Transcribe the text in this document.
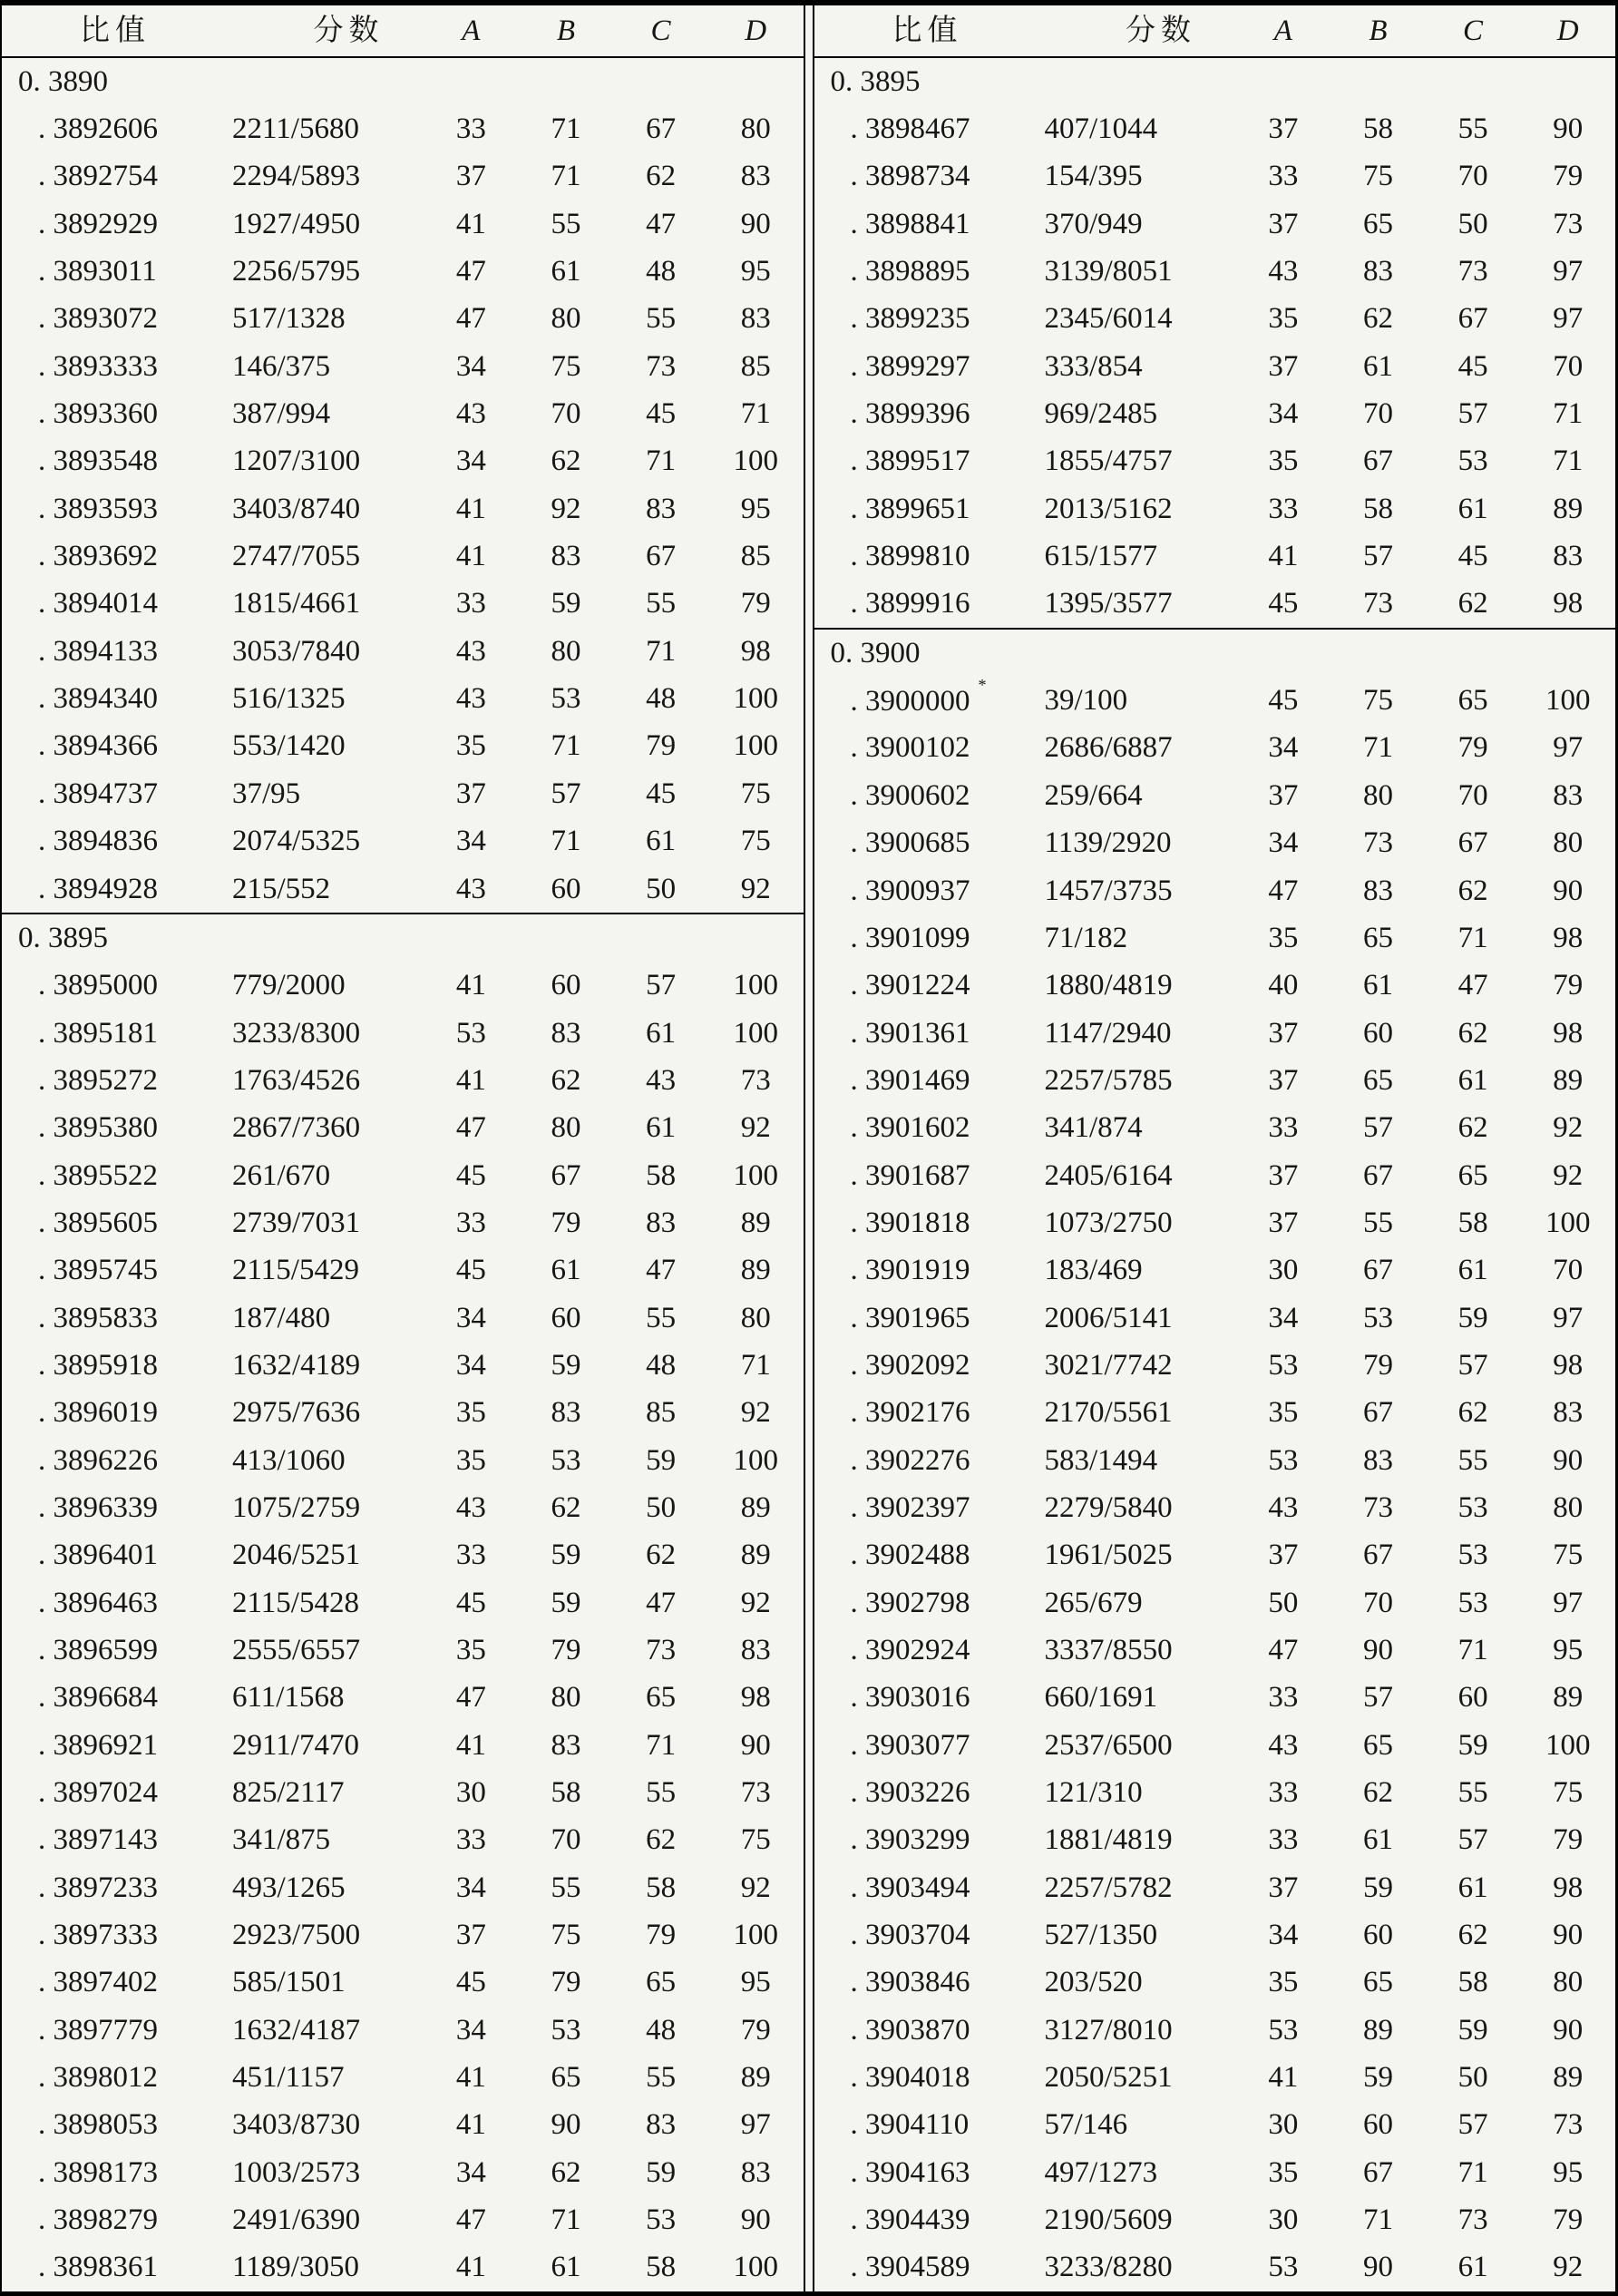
比值	分数	A	B	C	D
0. 3890
. 3892606	2211/5680	33	71	67	80
. 3892754	2294/5893	37	71	62	83
. 3892929	1927/4950	41	55	47	90
. 3893011	2256/5795	47	61	48	95
. 3893072	517/1328	47	80	55	83
. 3893333	146/375	34	75	73	85
. 3893360	387/994	43	70	45	71
. 3893548	1207/3100	34	62	71	100
. 3893593	3403/8740	41	92	83	95
. 3893692	2747/7055	41	83	67	85
. 3894014	1815/4661	33	59	55	79
. 3894133	3053/7840	43	80	71	98
. 3894340	516/1325	43	53	48	100
. 3894366	553/1420	35	71	79	100
. 3894737	37/95	37	57	45	75
. 3894836	2074/5325	34	71	61	75
. 3894928	215/552	43	60	50	92
0. 3895
. 3895000	779/2000	41	60	57	100
. 3895181	3233/8300	53	83	61	100
. 3895272	1763/4526	41	62	43	73
. 3895380	2867/7360	47	80	61	92
. 3895522	261/670	45	67	58	100
. 3895605	2739/7031	33	79	83	89
. 3895745	2115/5429	45	61	47	89
. 3895833	187/480	34	60	55	80
. 3895918	1632/4189	34	59	48	71
. 3896019	2975/7636	35	83	85	92
. 3896226	413/1060	35	53	59	100
. 3896339	1075/2759	43	62	50	89
. 3896401	2046/5251	33	59	62	89
. 3896463	2115/5428	45	59	47	92
. 3896599	2555/6557	35	79	73	83
. 3896684	611/1568	47	80	65	98
. 3896921	2911/7470	41	83	71	90
. 3897024	825/2117	30	58	55	73
. 3897143	341/875	33	70	62	75
. 3897233	493/1265	34	55	58	92
. 3897333	2923/7500	37	75	79	100
. 3897402	585/1501	45	79	65	95
. 3897779	1632/4187	34	53	48	79
. 3898012	451/1157	41	65	55	89
. 3898053	3403/8730	41	90	83	97
. 3898173	1003/2573	34	62	59	83
. 3898279	2491/6390	47	71	53	90
. 3898361	1189/3050	41	61	58	100
比值	分数	A	B	C	D
0. 3895
. 3898467	407/1044	37	58	55	90
. 3898734	154/395	33	75	70	79
. 3898841	370/949	37	65	50	73
. 3898895	3139/8051	43	83	73	97
. 3899235	2345/6014	35	62	67	97
. 3899297	333/854	37	61	45	70
. 3899396	969/2485	34	70	57	71
. 3899517	1855/4757	35	67	53	71
. 3899651	2013/5162	33	58	61	89
. 3899810	615/1577	41	57	45	83
. 3899916	1395/3577	45	73	62	98
0. 3900
. 3900000 *	39/100	45	75	65	100
. 3900102	2686/6887	34	71	79	97
. 3900602	259/664	37	80	70	83
. 3900685	1139/2920	34	73	67	80
. 3900937	1457/3735	47	83	62	90
. 3901099	71/182	35	65	71	98
. 3901224	1880/4819	40	61	47	79
. 3901361	1147/2940	37	60	62	98
. 3901469	2257/5785	37	65	61	89
. 3901602	341/874	33	57	62	92
. 3901687	2405/6164	37	67	65	92
. 3901818	1073/2750	37	55	58	100
. 3901919	183/469	30	67	61	70
. 3901965	2006/5141	34	53	59	97
. 3902092	3021/7742	53	79	57	98
. 3902176	2170/5561	35	67	62	83
. 3902276	583/1494	53	83	55	90
. 3902397	2279/5840	43	73	53	80
. 3902488	1961/5025	37	67	53	75
. 3902798	265/679	50	70	53	97
. 3902924	3337/8550	47	90	71	95
. 3903016	660/1691	33	57	60	89
. 3903077	2537/6500	43	65	59	100
. 3903226	121/310	33	62	55	75
. 3903299	1881/4819	33	61	57	79
. 3903494	2257/5782	37	59	61	98
. 3903704	527/1350	34	60	62	90
. 3903846	203/520	35	65	58	80
. 3903870	3127/8010	53	89	59	90
. 3904018	2050/5251	41	59	50	89
. 3904110	57/146	30	60	57	73
. 3904163	497/1273	35	67	71	95
. 3904439	2190/5609	30	71	73	79
. 3904589	3233/8280	53	90	61	92
